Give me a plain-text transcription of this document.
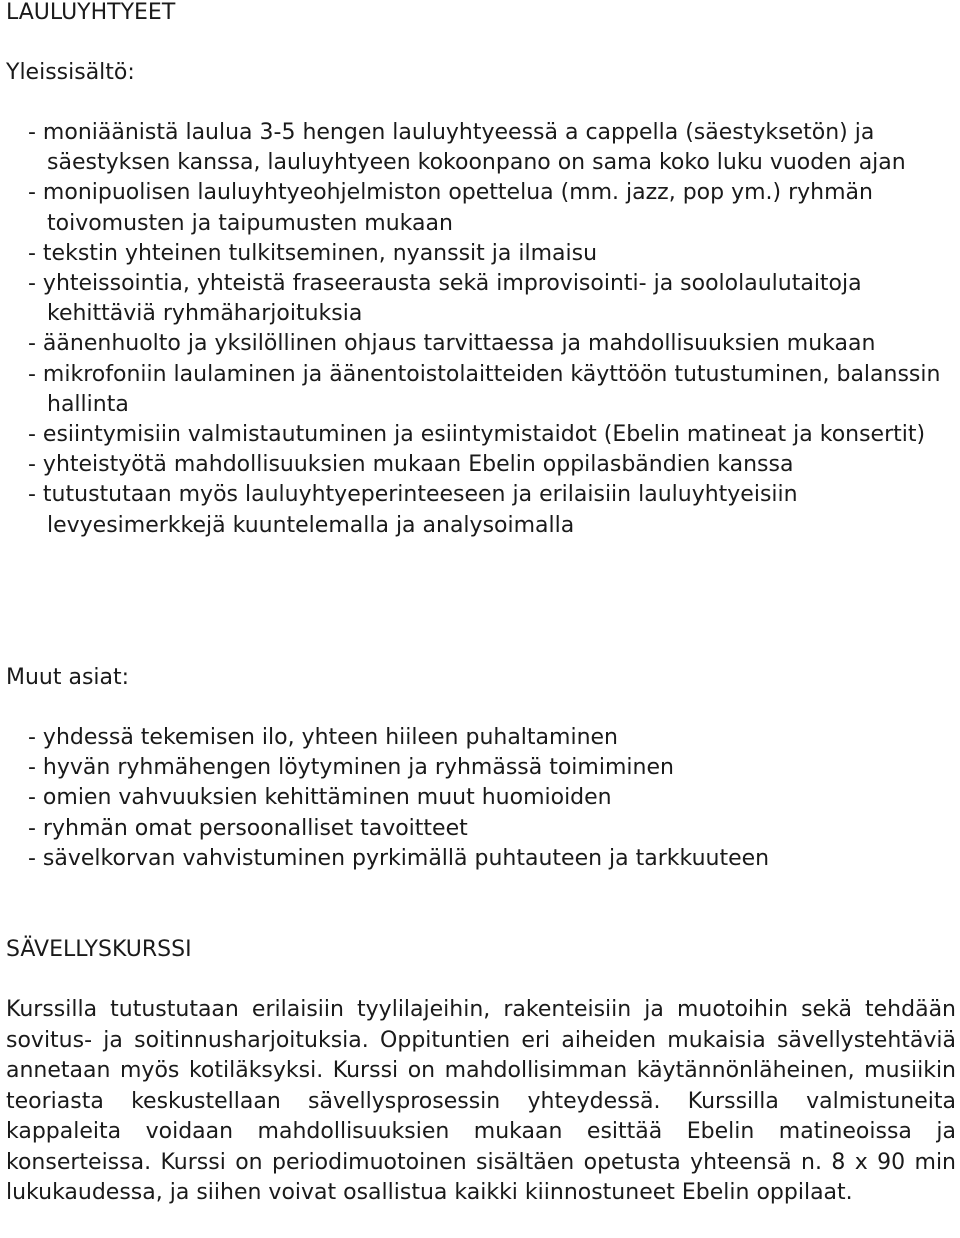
LAULUYHTYEET
Yleissisältö:
- moniäänistä laulua 3-5 hengen lauluyhtyeessä a cappella (säestyksetön) ja säestyksen kanssa, lauluyhtyeen kokoonpano on sama koko luku vuoden ajan
- monipuolisen lauluyhtyeohjelmiston opettelua (mm. jazz, pop ym.) ryhmän toivomusten ja taipumusten mukaan
- tekstin yhteinen tulkitseminen, nyanssit ja ilmaisu
- yhteissointia, yhteistä fraseerausta sekä improvisointi- ja soololaulutaitoja kehittäviä ryhmäharjoituksia
- äänenhuolto ja yksilöllinen ohjaus tarvittaessa ja mahdollisuuksien mukaan
- mikrofoniin laulaminen ja äänentoistolaitteiden käyttöön tutustuminen, balanssin hallinta
- esiintymisiin valmistautuminen ja esiintymistaidot (Ebelin matineat ja konsertit)
- yhteistyötä mahdollisuuksien mukaan Ebelin oppilasbändien kanssa
- tutustutaan myös lauluyhtyeperinteeseen ja erilaisiin lauluyhtyeisiin levyesimerkkejä kuuntelemalla ja analysoimalla
Muut asiat:
- yhdessä tekemisen ilo, yhteen hiileen puhaltaminen
- hyvän ryhmähengen löytyminen ja ryhmässä toimiminen
- omien vahvuuksien kehittäminen muut huomioiden
- ryhmän omat persoonalliset tavoitteet
- sävelkorvan vahvistuminen pyrkimällä puhtauteen ja tarkkuuteen
SÄVELLYSKURSSI

Kurssilla tutustutaan erilaisiin tyylilajeihin, rakenteisiin ja muotoihin sekä tehdään sovitus- ja soitinnusharjoituksia. Oppituntien eri aiheiden mukaisia sävellystehtäviä annetaan myös kotiläksyksi. Kurssi on mahdollisimman käytännönläheinen, musiikin teoriasta keskustellaan sävellysprosessin yhteydessä. Kurssilla valmistuneita kappaleita voidaan mahdollisuuksien mukaan esittää Ebelin matineoissa ja konserteissa. Kurssi on periodimuotoinen sisältäen opetusta yhteensä n. 8 x 90 min lukukaudessa, ja siihen voivat osallistua kaikki kiinnostuneet Ebelin oppilaat.
